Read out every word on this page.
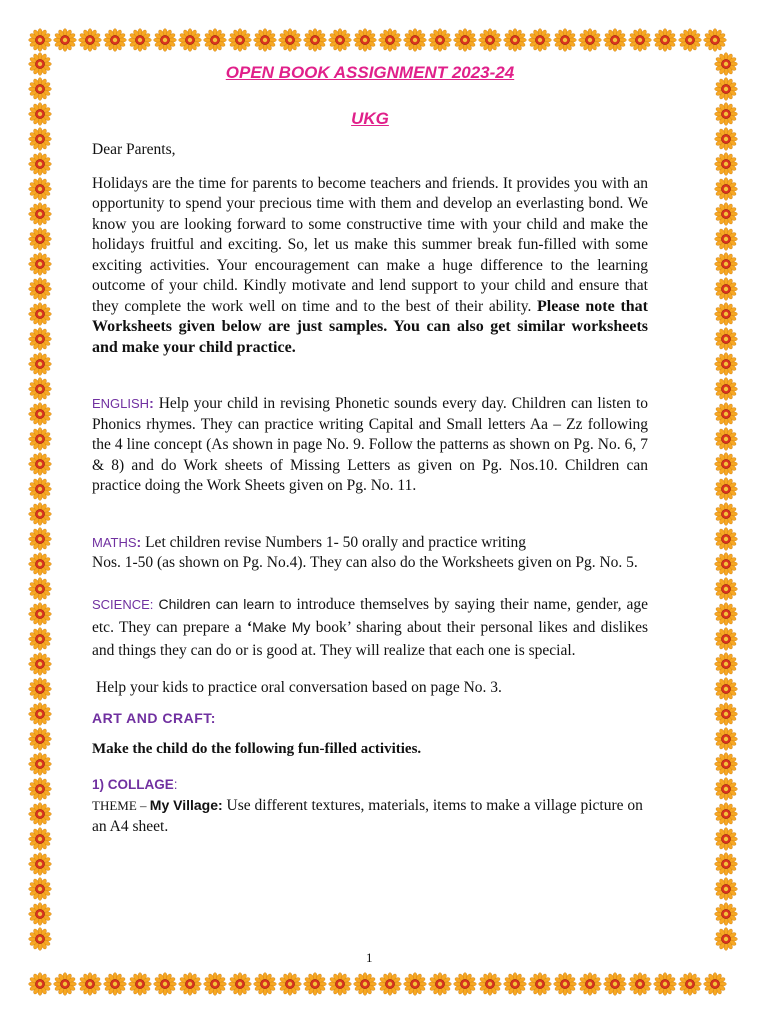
OPEN BOOK ASSIGNMENT 2023-24
UKG

Dear Parents,

Holidays are the time for parents to become teachers and friends. It provides you with an opportunity to spend your precious time with them and develop an everlasting bond. We know you are looking forward to some constructive time with your child and make the holidays fruitful and exciting. So, let us make this summer break fun-filled with some exciting activities. Your encouragement can make a huge difference to the learning outcome of your child. Kindly motivate and lend support to your child and ensure that they complete the work well on time and to the best of their ability. Please note that Worksheets given below are just samples. You can also get similar worksheets and make your child practice.

ENGLISH: Help your child in revising Phonetic sounds every day. Children can listen to Phonics rhymes. They can practice writing Capital and Small letters Aa – Zz following the 4 line concept (As shown in page No. 9. Follow the patterns as shown on Pg. No. 6, 7 & 8) and do Work sheets of Missing Letters as given on Pg. Nos.10. Children can practice doing the Work Sheets given on Pg. No. 11.

MATHS: Let children revise Numbers 1- 50 orally and practice writing

Nos. 1-50 (as shown on Pg. No.4). They can also do the Worksheets given on Pg. No. 5.

SCIENCE: Children can learn to introduce themselves by saying their name, gender, age etc. They can prepare a ‘Make My book’ sharing about their personal likes and dislikes and things they can do or is good at. They will realize that each one is special.

Help your kids to practice oral conversation based on page No. 3.

ART AND CRAFT:

Make the child do the following fun-filled activities.

1) COLLAGE:

THEME – My Village: Use different textures, materials, items to make a village picture on an A4 sheet.

1
